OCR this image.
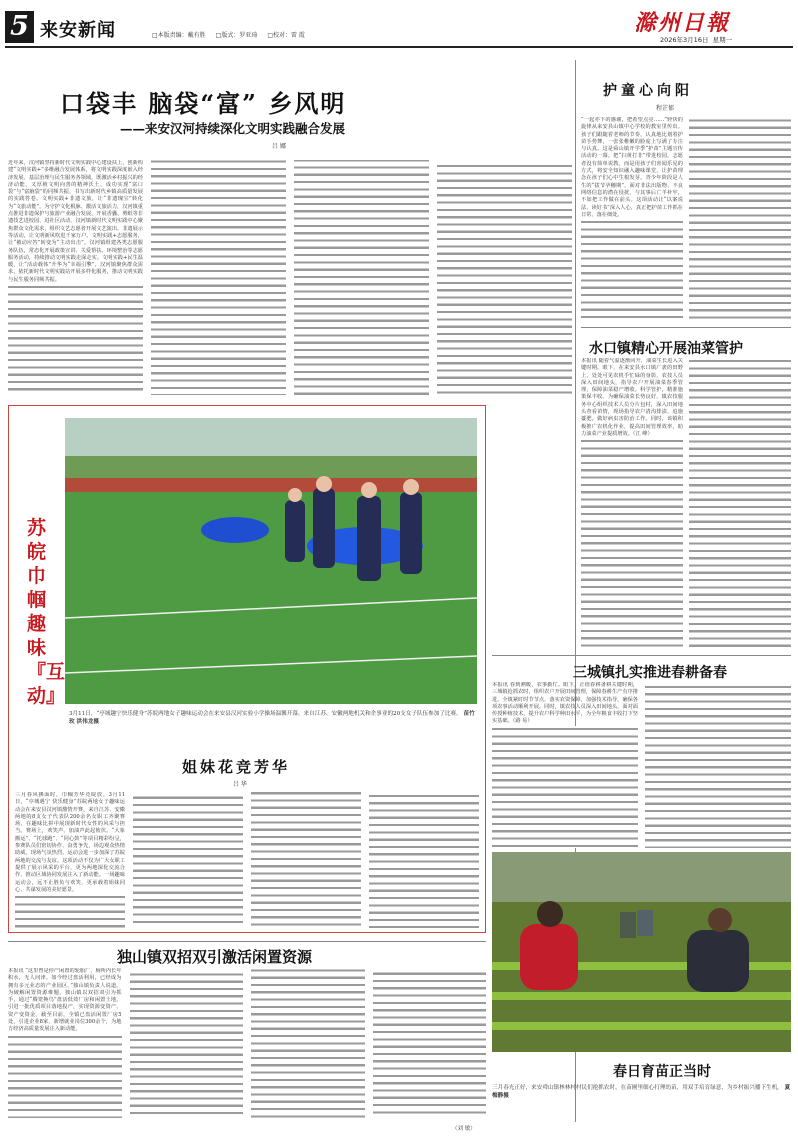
5 来安新闻	□本版责编：戴有胜 □版式：罗亚琦 □校对：雷 霞	滁州日報
2026年3月16日 星期一
口袋丰 脑袋“富” 乡风明
——来安汉河持续深化文明实践融合发展
吕 娜
近年来，汉河镇坚持新时代文明实践中心建设扶上，创新构建“文明实践+”多维融合发展体系，将文明实践深度嵌入经济发展、基层治理与民生服务各领域，既激活乡村振兴的经济动能，又厚植文明向善的精神沃土，成功实现“富口袋”与“富脑袋”的同频共振，书写出新时代乡镇高质量发展的实践答卷。文明实践+非遗文旅，让“非遗瑰宝”转化为“文旅动能”。为守护文化根脉、激活文旅活力，汉河镇重点推进非遗保护与旅游产业融合发展，开展香囊、剪纸等非遗技艺进校园、进社区活动，汉河镇新时代文明实践中心聚焦群众文化需求，组织文艺志愿者开展文艺演出、非遗展示等活动，让文明新风吹进千家万户。文明实践+志愿服务，让“被动应答”转变为“主动出击”。汉河镇组建各类志愿服务队伍，常态化开展政策宣讲、关爱帮扶、环境整治等志愿服务活动，持续推动文明实践走深走实。文明实践+民生温暖，让“活动载体”升华为“幸福引擎”，汉河镇聚焦群众需求，依托新时代文明实践站开展多样化服务，推动文明实践与民生服务同频共振。
护童心向阳
程芷郁
“一起亦下的感谢，把希望点亮……”轻快的旋律从来安县山镇中心学校的教室里传出。孩子们跟随着老师的节奏，认真地比划着护苗手势舞，一张张稚嫩的脸庞上写满了专注与认真。这是舜山镇开学季“护苗”主题宣传活动的一幕。把“扫黄打非”带进校园，志愿者没有简单说教，而是用孩子们喜闻乐见的方式，将安全知识融入趣味课堂，让护苗理念在孩子们心中生根发芽。青少年阶段是人生的“拔节孕穗期”，面对非法出版物、不良网络信息的潜在侵扰，与其事后亡羊补牢，不如把工作做在前头。这项活动让“以案说法、读好书”深入人心，真正把护苗工作抓在日常、落在细处。
苏皖巾帼趣味『互动』
3月11日，“亭城趣宁快乐健身”苏皖两地女子趣味运动会在来安县汉河实验小学操场温馨开幕。来自江苏、安徽两地机关和企事业的20支女子队伍参加了比赛。 苗竹玫 洪伟龙摄
姐妹花竞芳华
吕 华
三月春风拂面时，巾帼芳华竞绽放。3月11日，“亭城遇宁 快乐健身”苏皖两地女子趣味运动会在来安县汉河镇激情开赛，来自江苏、安徽两地的8支女子代表队200余名女职工齐聚赛场，在趣味比拼中展现新时代女性的风采与担当。赛场上，欢笑声、加油声此起彼伏。“大象搬运”、“托球跑”、“同心鼓”等项目精彩纷呈，参赛队员们密切协作、奋勇争先，场边观众热情助威，现场气氛热烈。运动会进一步加深了苏皖两地的交流与友谊。这项活动不仅为广大女职工提供了展示风采的平台，更为两地深化交流合作、推动区域协同发展注入了新动能。一场趣味运动会，远不止胜负与欢笑，更承载着姐妹同心、共谋发展的美好愿景。
水口镇精心开展油菜管护
本报讯 随着气温逐渐回升，油菜生长进入关键时期。眼下，在来安县水口镇广袤的田野上，处处可见农机手忙碌的身影，农技人员深入田间地头，指导农户开展油菜春季管理，保障油菜稳产增收。科学管护，精准施策保丰收。为确保油菜长势良好，镇农技服务中心组织技术人员分片包村，深入田间地头查看苗情，现场指导农户清沟排渍、追施薹肥，做好病虫害防治工作。同时，该镇积极推广农机化作业，提高田间管理效率，助力油菜产业提质增效。（江 峰）
三城镇扎实推进春耕备春
本报讯 春到溯暖，农事勤忙。眼下，正值春耕备耕关键时期，三城镇抢抓农时，组织农户开展田间管理，保障春耕生产有序推进。全镇紧盯时节节点，落实农资保障，加强技术指导，确保各项农事活动顺利开展。同时，镇农技人员深入田间地头，面对面传授种植技术，提升农户科学种田水平，为全年粮食丰收打下坚实基础。（路 易）
春日育苗正当时
三月春光正好，来安舜山镇林林村村民们抢抓农时，在苗圃里细心打理幼苗，用双手培育绿意，为乡村振兴播下生机。 夏梅静摄
独山镇双招双引激活闲置资源
本报讯 “这里曾是停产闲置的轮胎厂，厕所内长年积水，无人问津。如今经过盘活利用，已经成为拥有多元业态的产业园区。”独山镇负责人说道。为破解闲置资源难题，独山镇以双招双引为抓手，通过“腾笼换鸟”盘活低效厂房和闲置土地，引进一批优质项目落地投产，实现资源变资产、资产变资金。截至目前，全镇已盘活闲置厂房5处，引进企业8家，新增就业岗位300余个，为地方经济高质量发展注入新动能。
（刘 敏）
